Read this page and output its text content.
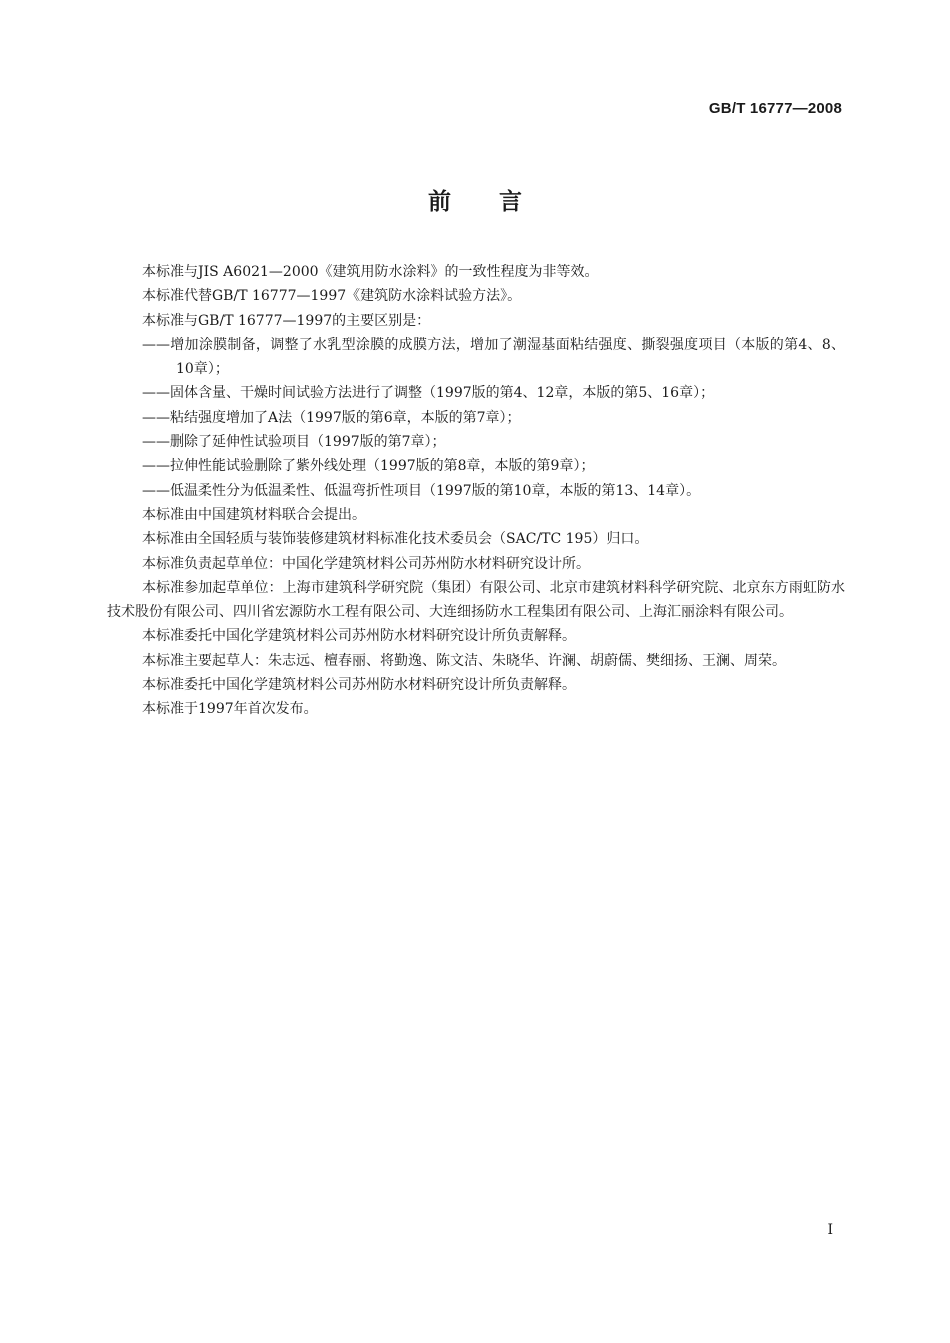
GB/T 16777—2008
前言

本标准与JIS A6021—2000《建筑用防水涂料》的一致性程度为非等效。

本标准代替GB/T 16777—1997《建筑防水涂料试验方法》。

本标准与GB/T 16777—1997的主要区别是：

——增加涂膜制备，调整了水乳型涂膜的成膜方法，增加了潮湿基面粘结强度、撕裂强度项目（本版的第4、8、10章）；

——固体含量、干燥时间试验方法进行了调整（1997版的第4、12章，本版的第5、16章）；

——粘结强度增加了A法（1997版的第6章，本版的第7章）；

——删除了延伸性试验项目（1997版的第7章）；

——拉伸性能试验删除了紫外线处理（1997版的第8章，本版的第9章）；

——低温柔性分为低温柔性、低温弯折性项目（1997版的第10章，本版的第13、14章）。

本标准由中国建筑材料联合会提出。

本标准由全国轻质与装饰装修建筑材料标准化技术委员会（SAC/TC 195）归口。

本标准负责起草单位：中国化学建筑材料公司苏州防水材料研究设计所。

本标准参加起草单位：上海市建筑科学研究院（集团）有限公司、北京市建筑材料科学研究院、北京东方雨虹防水技术股份有限公司、四川省宏源防水工程有限公司、大连细扬防水工程集团有限公司、上海汇丽涂料有限公司。

本标准委托中国化学建筑材料公司苏州防水材料研究设计所负责解释。

本标准主要起草人：朱志远、檀春丽、将勤逸、陈文洁、朱晓华、许澜、胡蔚儒、樊细扬、王澜、周荣。

本标准委托中国化学建筑材料公司苏州防水材料研究设计所负责解释。

本标准于1997年首次发布。

I
